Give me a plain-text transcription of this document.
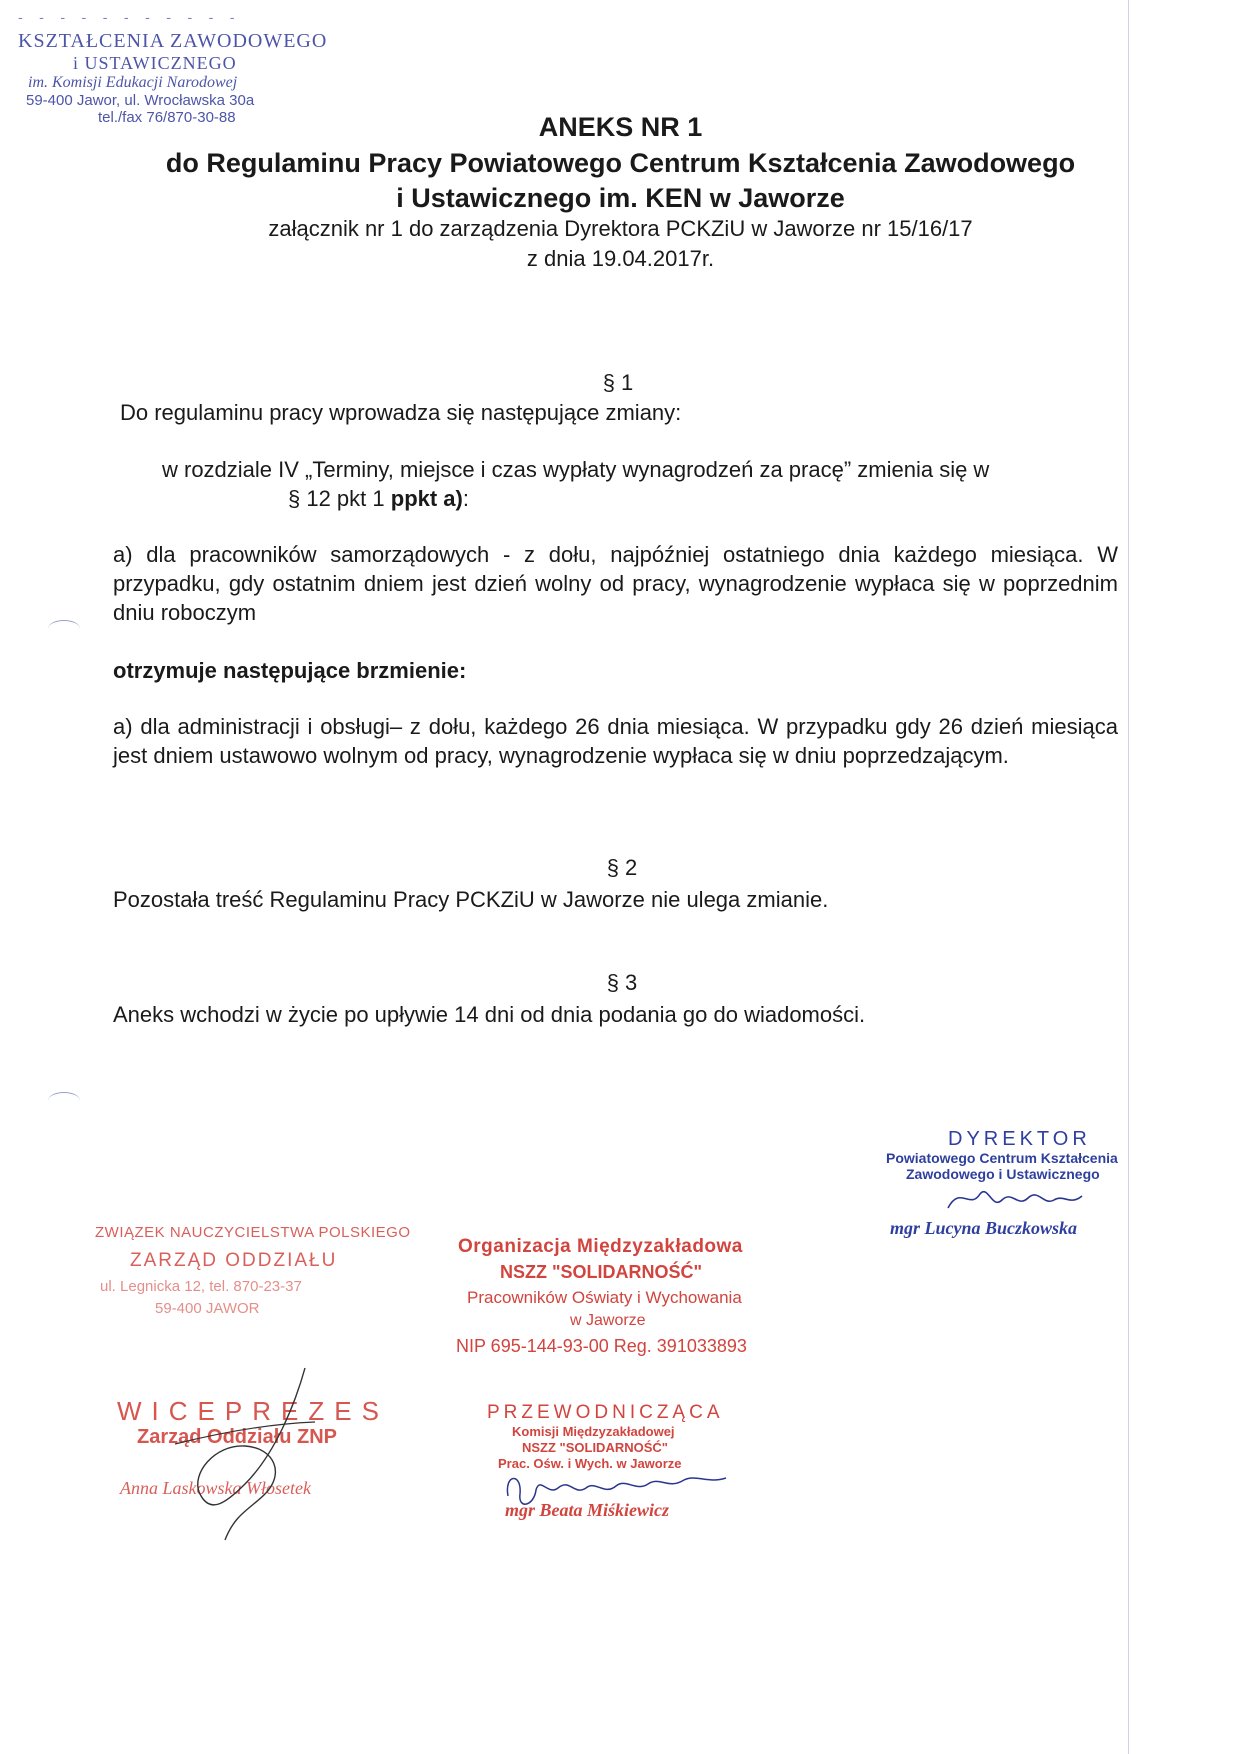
- - - - - - - - - - -
KSZTAŁCENIA ZAWODOWEGO
i USTAWICZNEGO
im. Komisji Edukacji Narodowej
59-400 Jawor, ul. Wrocławska 30a
tel./fax 76/870-30-88	ANEKS NR 1
do Regulaminu Pracy Powiatowego Centrum Kształcenia Zawodowego
i Ustawicznego im. KEN w Jaworze
załącznik nr 1 do zarządzenia Dyrektora PCKZiU w Jaworze nr 15/16/17
z dnia 19.04.2017r.
§ 1
Do regulaminu pracy wprowadza się następujące zmiany:
w rozdziale IV „Terminy, miejsce i czas wypłaty wynagrodzeń za pracę” zmienia się w
§ 12 pkt 1 ppkt a):
a) dla pracowników samorządowych - z dołu, najpóźniej ostatniego dnia każdego miesiąca. W przypadku, gdy ostatnim dniem jest dzień wolny od pracy, wynagrodzenie wypłaca się w poprzednim dniu roboczym
otrzymuje następujące brzmienie:
a) dla administracji i obsługi– z dołu, każdego 26 dnia miesiąca. W przypadku gdy 26 dzień miesiąca jest dniem ustawowo wolnym od pracy, wynagrodzenie wypłaca się w dniu poprzedzającym.
§ 2
Pozostała treść Regulaminu Pracy PCKZiU w Jaworze nie ulega zmianie.
§ 3
Aneks wchodzi w życie po upływie 14 dni od dnia podania go do wiadomości.
DYREKTOR
Powiatowego Centrum Kształcenia
Zawodowego i Ustawicznego
mgr Lucyna Buczkowska
ZWIĄZEK NAUCZYCIELSTWA POLSKIEGO
ZARZĄD ODDZIAŁU
ul. Legnicka 12, tel. 870-23-37
59-400 JAWOR
WICEPREZES
Zarząd Oddziału ZNP
Anna Laskowska Włosetek
Organizacja Międzyzakładowa
NSZZ "SOLIDARNOŚĆ"
Pracowników Oświaty i Wychowania
w Jaworze
NIP 695-144-93-00 Reg. 391033893
PRZEWODNICZĄCA
Komisji Międzyzakładowej
NSZZ "SOLIDARNOŚĆ"
Prac. Ośw. i Wych. w Jaworze
mgr Beata Miśkiewicz
